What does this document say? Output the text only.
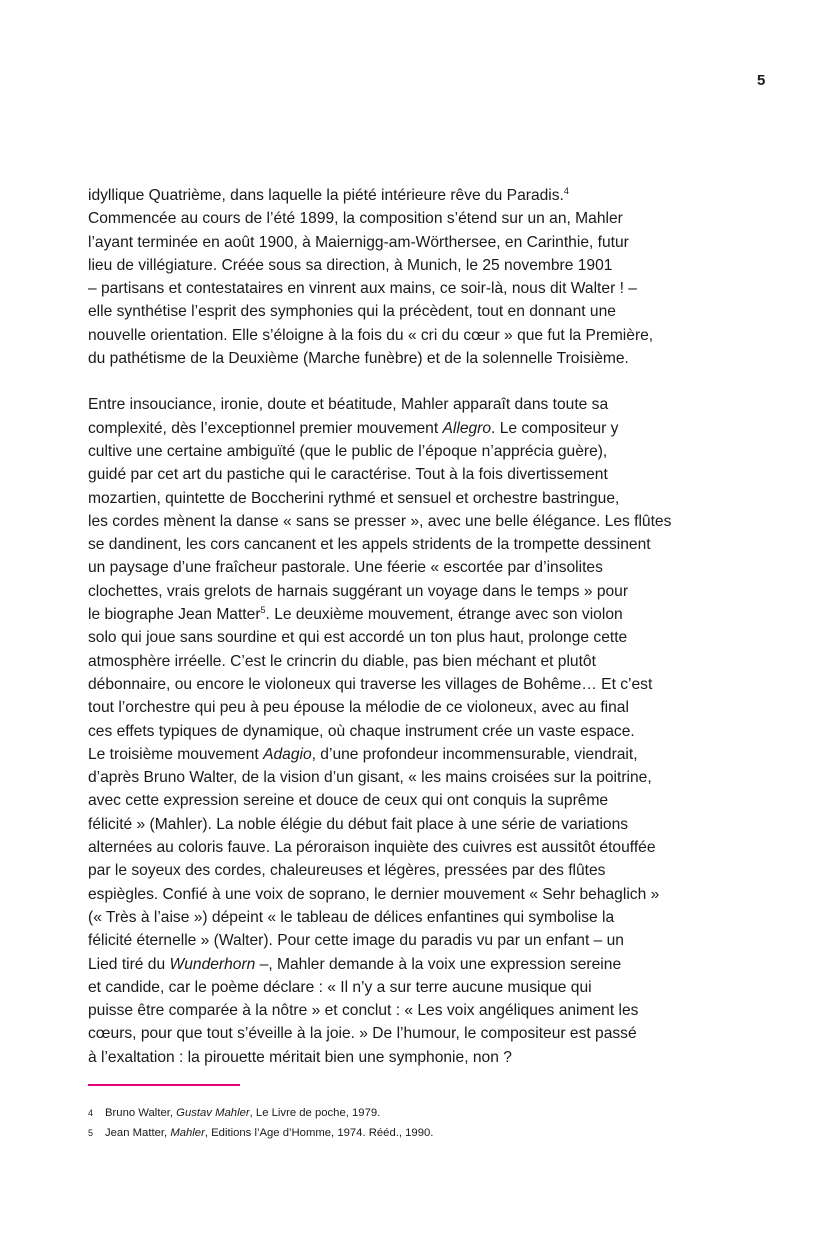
5
idyllique Quatrième, dans laquelle la piété intérieure rêve du Paradis.$^4$
Commencée au cours de l’été 1899, la composition s’étend sur un an, Mahler
l’ayant terminée en août 1900, à Maiernigg-am-Wörthersee, en Carinthie, futur
lieu de villégiature. Créée sous sa direction, à Munich, le 25 novembre 1901
– partisans et contestataires en vinrent aux mains, ce soir-là, nous dit Walter ! –
elle synthétise l’esprit des symphonies qui la précèdent, tout en donnant une
nouvelle orientation. Elle s’éloigne à la fois du « cri du cœur » que fut la Première,
du pathétisme de la Deuxième (Marche funèbre) et de la solennelle Troisième.
Entre insouciance, ironie, doute et béatitude, Mahler apparaît dans toute sa
complexité, dès l’exceptionnel premier mouvement Allegro. Le compositeur y
cultive une certaine ambiguïté (que le public de l’époque n’apprécia guère),
guidé par cet art du pastiche qui le caractérise. Tout à la fois divertissement
mozartien, quintette de Boccherini rythmé et sensuel et orchestre bastringue,
les cordes mènent la danse « sans se presser », avec une belle élégance. Les flûtes
se dandinent, les cors cancanent et les appels stridents de la trompette dessinent
un paysage d’une fraîcheur pastorale. Une féerie « escortée par d’insolites
clochettes, vrais grelots de harnais suggérant un voyage dans le temps » pour
le biographe Jean Matter$^5$. Le deuxième mouvement, étrange avec son violon
solo qui joue sans sourdine et qui est accordé un ton plus haut, prolonge cette
atmosphère irréelle. C’est le crincrin du diable, pas bien méchant et plutôt
débonnaire, ou encore le violoneux qui traverse les villages de Bohême… Et c’est
tout l’orchestre qui peu à peu épouse la mélodie de ce violoneux, avec au final
ces effets typiques de dynamique, où chaque instrument crée un vaste espace.
Le troisième mouvement Adagio, d’une profondeur incommensurable, viendrait,
d’après Bruno Walter, de la vision d’un gisant, « les mains croisées sur la poitrine,
avec cette expression sereine et douce de ceux qui ont conquis la suprême
félicité » (Mahler). La noble élégie du début fait place à une série de variations
alternées au coloris fauve. La péroraison inquiète des cuivres est aussitôt étouffée
par le soyeux des cordes, chaleureuses et légères, pressées par des flûtes
espiègles. Confié à une voix de soprano, le dernier mouvement « Sehr behaglich »
(« Très à l’aise ») dépeint « le tableau de délices enfantines qui symbolise la
félicité éternelle » (Walter). Pour cette image du paradis vu par un enfant – un
Lied tiré du Wunderhorn –, Mahler demande à la voix une expression sereine
et candide, car le poème déclare : « Il n’y a sur terre aucune musique qui
puisse être comparée à la nôtre » et conclut : « Les voix angéliques animent les
cœurs, pour que tout s’éveille à la joie. » De l’humour, le compositeur est passé
à l’exaltation : la pirouette méritait bien une symphonie, non ?
4 Bruno Walter, Gustav Mahler, Le Livre de poche, 1979.
5 Jean Matter, Mahler, Editions l’Age d’Homme, 1974. Rééd., 1990.
